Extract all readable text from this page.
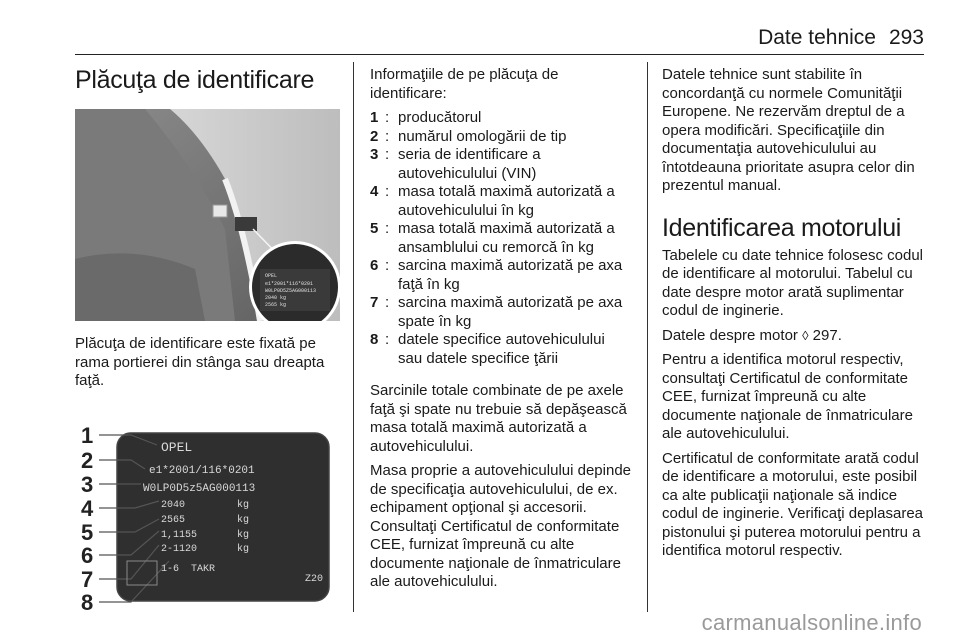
Date tehnice 293
Plăcuţa de identificare
OPEL
e1*2001*116*0201
W0LP0D5Z5AG000113
2040 kg
2565 kg

Plăcuţa de identificare este fixată pe rama portierei din stânga sau dreapta faţă.

1
2
3
4
5
6
7
8
OPEL
e1*2001/116*0201
W0LP0D5z5AG000113
2040	kg
2565	kg
1,1155	kg
2-1120	kg
1-6 TAKR
Z20

Informaţiile de pe plăcuţa de identificare:

1 : producătorul
2 : numărul omologării de tip
3 : seria de identificare a autovehiculului (VIN)
4 : masa totală maximă autorizată a autovehiculului în kg
5 : masa totală maximă autorizată a ansamblului cu remorcă în kg
6 : sarcina maximă autorizată pe axa faţă în kg
7 : sarcina maximă autorizată pe axa spate în kg
8 : datele specifice autovehiculului sau datele specifice ţării

Sarcinile totale combinate de pe axele faţă şi spate nu trebuie să depăşească masa totală maximă autorizată a autovehiculului.

Masa proprie a autovehiculului depinde de specificaţia autovehiculului, de ex. echipament opţional şi accesorii. Consultaţi Certificatul de conformitate CEE, furnizat împreună cu alte documente naţionale de înmatriculare ale autovehiculului.

Datele tehnice sunt stabilite în concordanţă cu normele Comunităţii Europene. Ne rezervăm dreptul de a opera modificări. Specificaţiile din documentaţia autovehiculului au întotdeauna prioritate asupra celor din prezentul manual.

Identificarea motorului

Tabelele cu date tehnice folosesc codul de identificare al motorului. Tabelul cu date despre motor arată suplimentar codul de inginerie.

Datele despre motor ◊ 297.

Pentru a identifica motorul respectiv, consultaţi Certificatul de conformitate CEE, furnizat împreună cu alte documente naţionale de înmatriculare ale autovehiculului.

Certificatul de conformitate arată codul de identificare a motorului, este posibil ca alte publicaţii naţionale să indice codul de inginerie. Verificaţi deplasarea pistonului şi puterea motorului pentru a identifica motorul respectiv.

carmanualsonline.info
